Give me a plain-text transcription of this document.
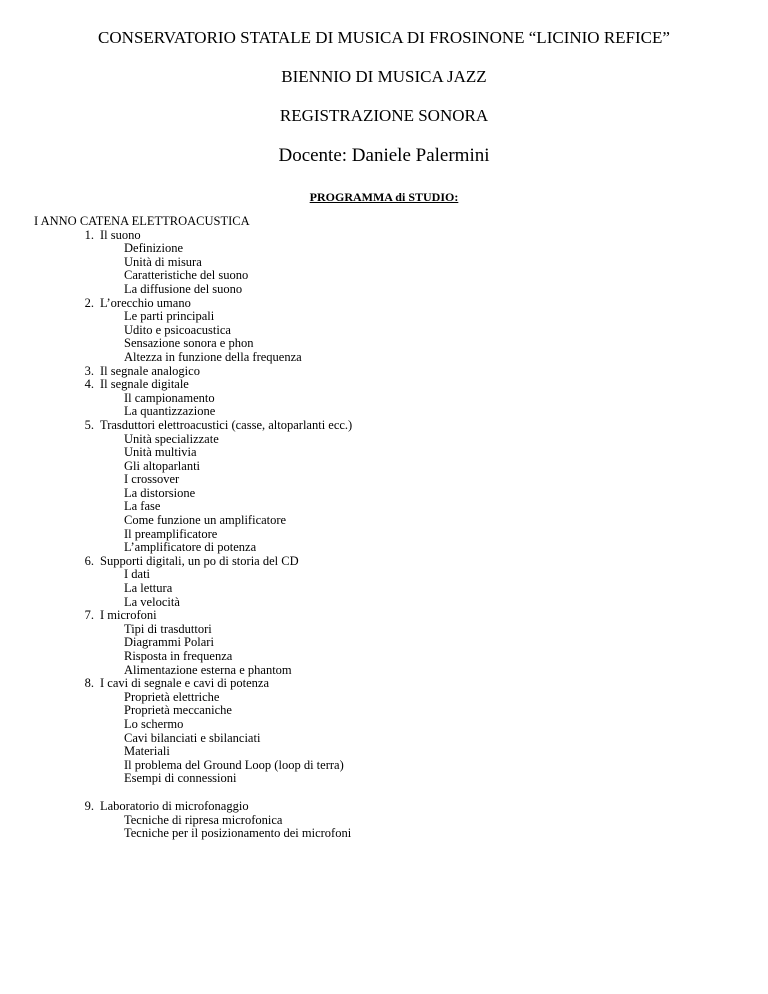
CONSERVATORIO STATALE DI MUSICA DI FROSINONE “LICINIO REFICE”
BIENNIO DI MUSICA JAZZ
REGISTRAZIONE SONORA
Docente: Daniele Palermini
PROGRAMMA di STUDIO:
I ANNO CATENA ELETTROACUSTICA
1. Il suono
Definizione
Unità di misura
Caratteristiche del suono
La diffusione del suono
2. L’orecchio umano
Le parti principali
Udito e psicoacustica
Sensazione sonora e phon
Altezza in funzione della frequenza
3. Il segnale analogico
4. Il segnale digitale
Il campionamento
La quantizzazione
5. Trasduttori elettroacustici (casse, altoparlanti ecc.)
Unità specializzate
Unità multivia
Gli altoparlanti
I crossover
La distorsione
La fase
Come funzione un amplificatore
Il preamplificatore
L’amplificatore di potenza
6. Supporti digitali, un po di storia del CD
I dati
La lettura
La velocità
7. I microfoni
Tipi di trasduttori
Diagrammi Polari
Risposta in frequenza
Alimentazione esterna e phantom
8. I cavi di segnale e cavi di potenza
Proprietà elettriche
Proprietà meccaniche
Lo schermo
Cavi bilanciati e sbilanciati
Materiali
Il problema del Ground Loop (loop di terra)
Esempi di connessioni
9. Laboratorio di microfonaggio
Tecniche di ripresa microfonica
Tecniche per il posizionamento dei microfoni
